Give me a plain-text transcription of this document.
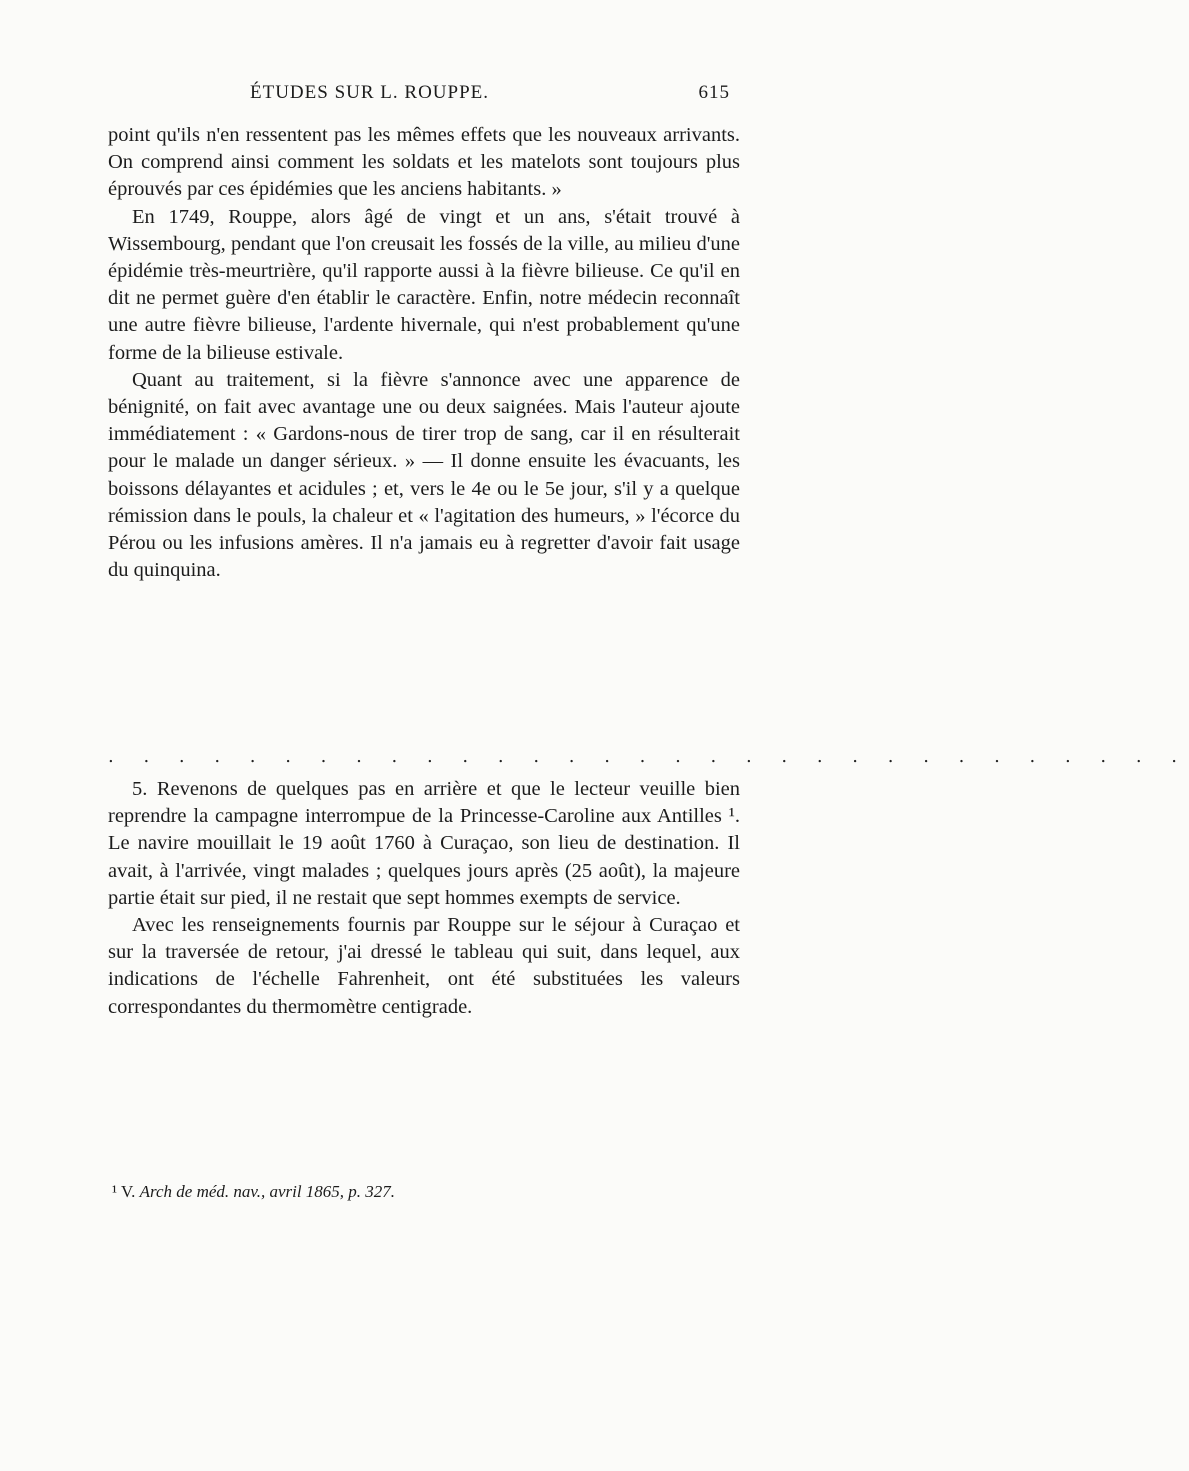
ÉTUDES SUR L. ROUPPE.	615

point qu'ils n'en ressentent pas les mêmes effets que les nouveaux arrivants. On comprend ainsi comment les soldats et les matelots sont toujours plus éprouvés par ces épidémies que les anciens habitants. »

En 1749, Rouppe, alors âgé de vingt et un ans, s'était trouvé à Wissembourg, pendant que l'on creusait les fossés de la ville, au milieu d'une épidémie très-meurtrière, qu'il rapporte aussi à la fièvre bilieuse. Ce qu'il en dit ne permet guère d'en établir le caractère. Enfin, notre médecin reconnaît une autre fièvre bilieuse, l'ardente hivernale, qui n'est probablement qu'une forme de la bilieuse estivale.

Quant au traitement, si la fièvre s'annonce avec une apparence de bénignité, on fait avec avantage une ou deux saignées. Mais l'auteur ajoute immédiatement : « Gardons-nous de tirer trop de sang, car il en résulterait pour le malade un danger sérieux. » — Il donne ensuite les évacuants, les boissons délayantes et acidules ; et, vers le 4e ou le 5e jour, s'il y a quelque rémission dans le pouls, la chaleur et « l'agitation des humeurs, » l'écorce du Pérou ou les infusions amères. Il n'a jamais eu à regretter d'avoir fait usage du quinquina.

. . . . . . . . . . . . . . . . . . . . . . . . . . . . . . .

5. Revenons de quelques pas en arrière et que le lecteur veuille bien reprendre la campagne interrompue de la Princesse-Caroline aux Antilles ¹. Le navire mouillait le 19 août 1760 à Curaçao, son lieu de destination. Il avait, à l'arrivée, vingt malades ; quelques jours après (25 août), la majeure partie était sur pied, il ne restait que sept hommes exempts de service.

Avec les renseignements fournis par Rouppe sur le séjour à Curaçao et sur la traversée de retour, j'ai dressé le tableau qui suit, dans lequel, aux indications de l'échelle Fahrenheit, ont été substituées les valeurs correspondantes du thermomètre centigrade.

¹ V. Arch de méd. nav., avril 1865, p. 327.
